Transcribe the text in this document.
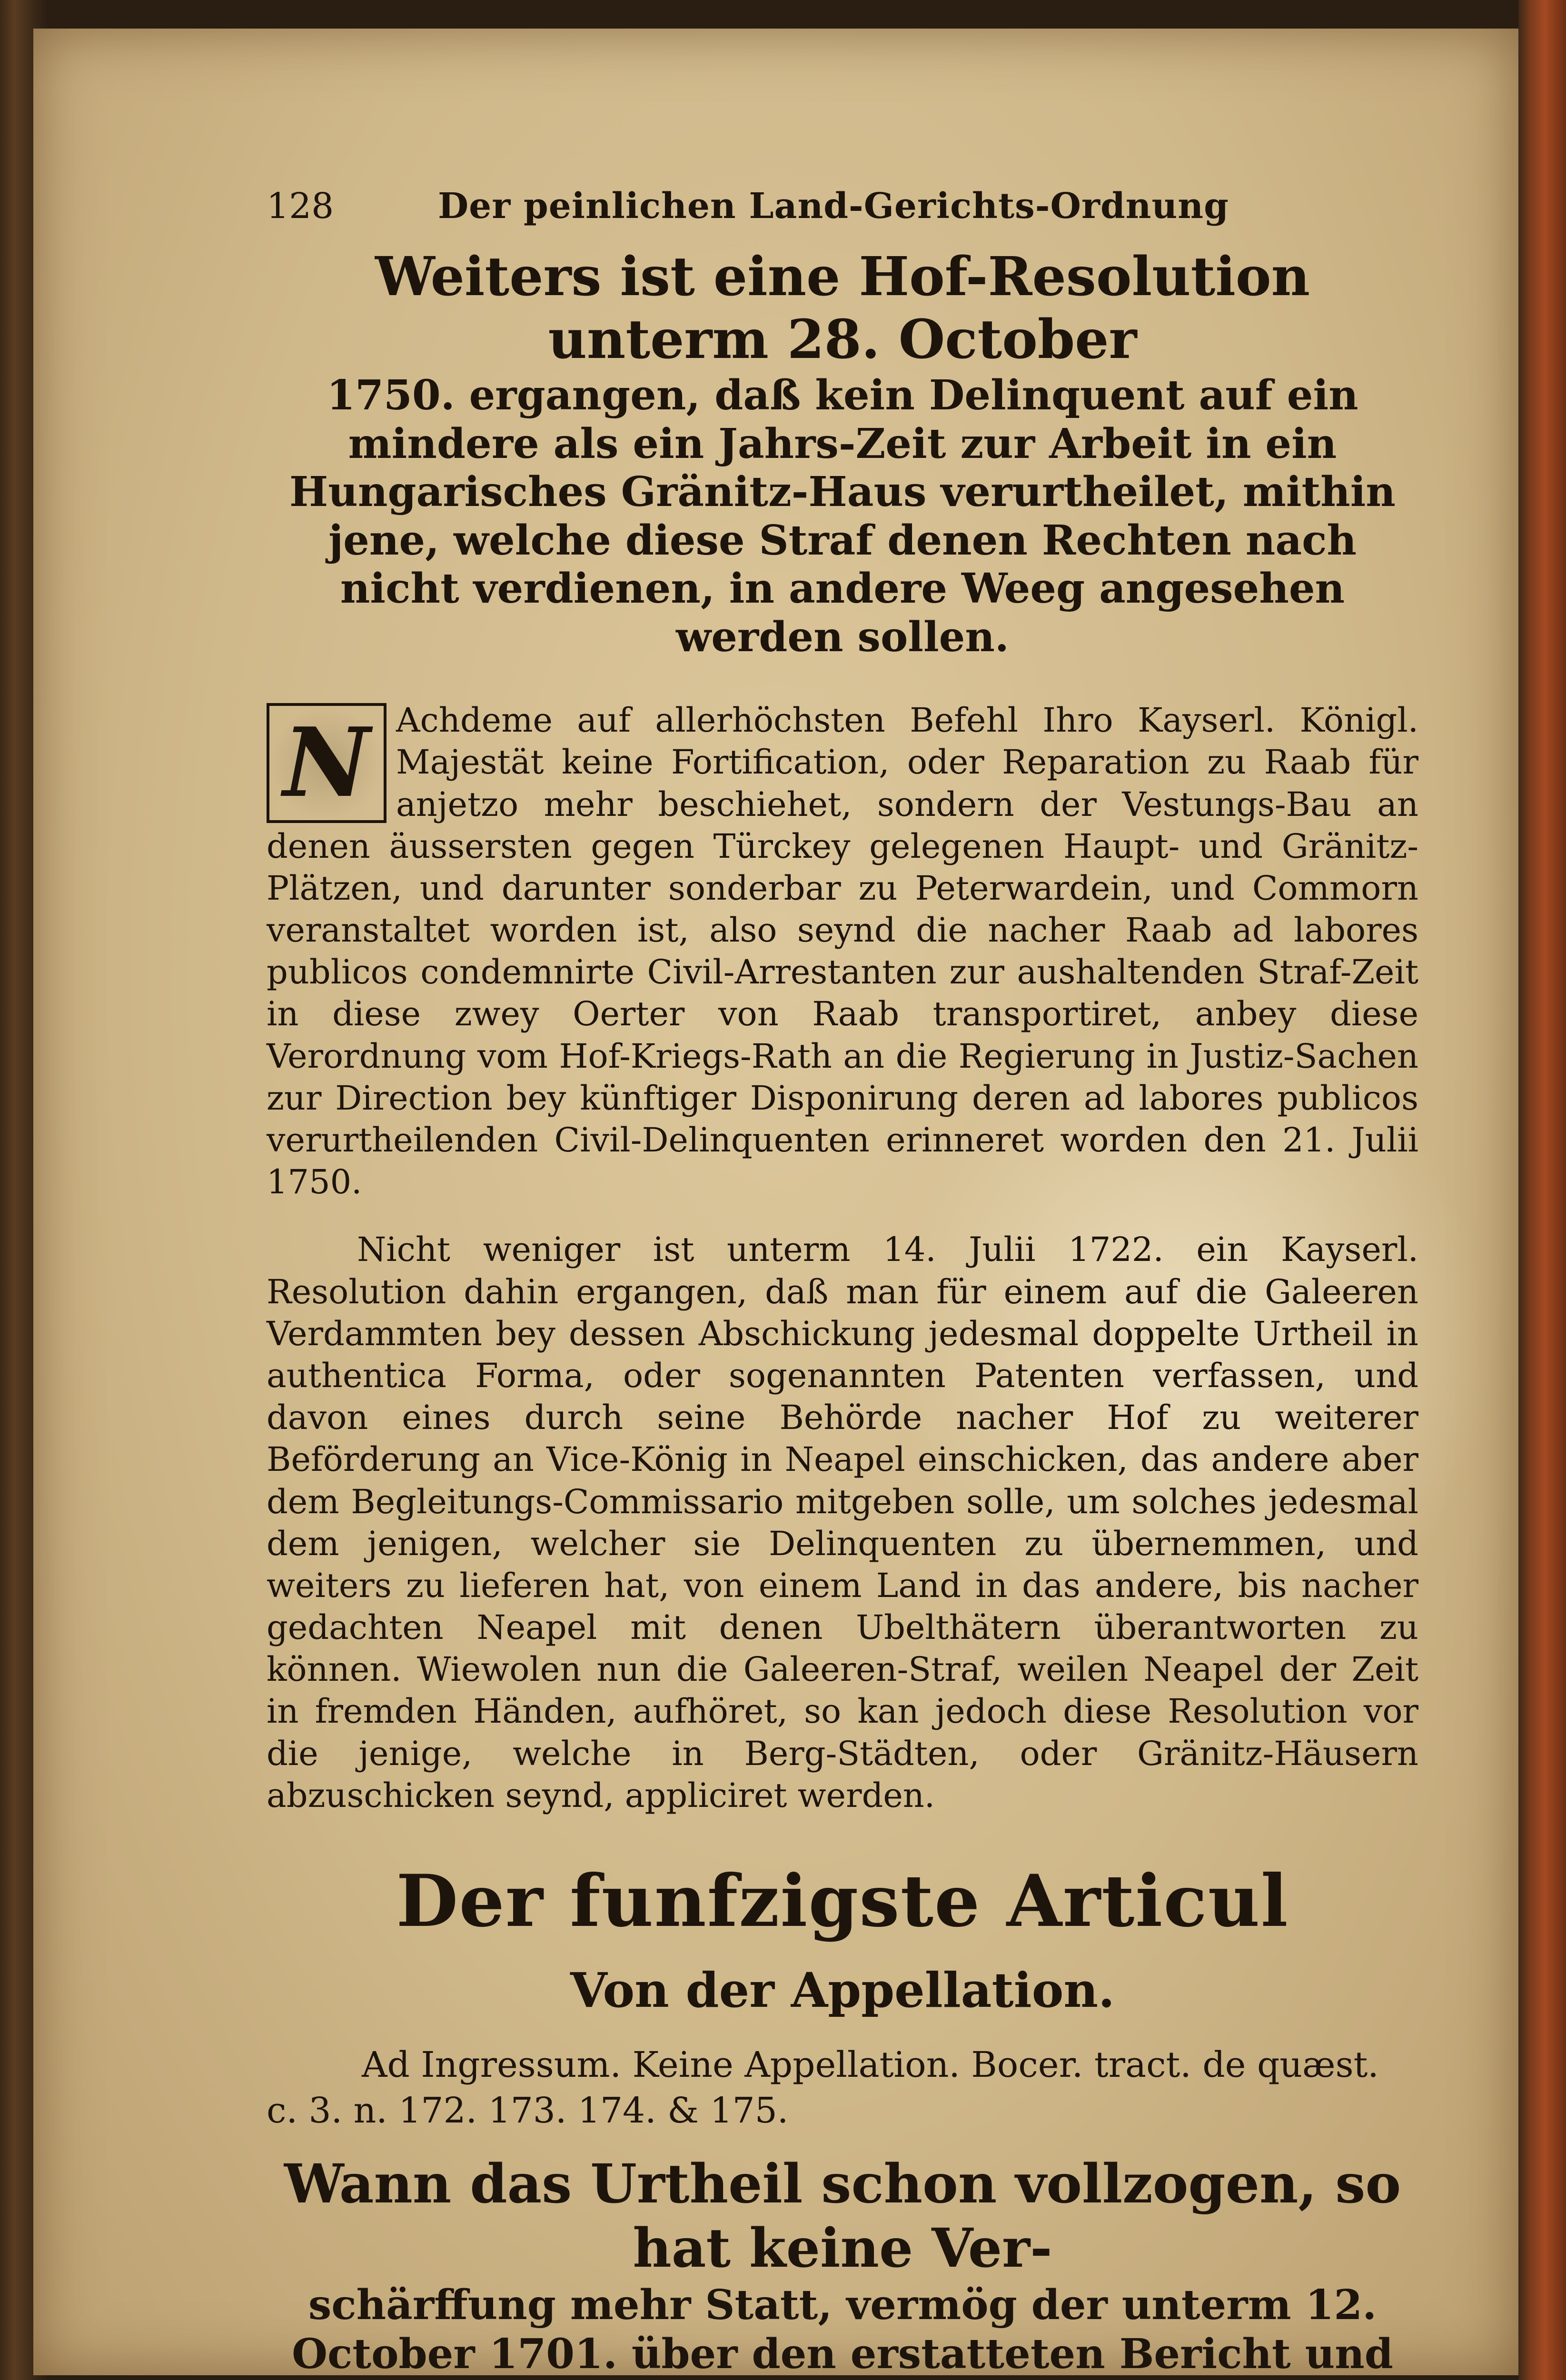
128	Der peinlichen Land-Gerichts-Ordnung
Weiters ist eine Hof-Resolution unterm 28. October
1750. ergangen, daß kein Delinquent auf ein mindere als ein Jahrs-Zeit zur Arbeit in ein Hungarisches Gränitz-Haus verurtheilet, mithin jene, welche diese Straf denen Rechten nach nicht verdienen, in andere Weeg angesehen werden sollen.
N Achdeme auf allerhöchsten Befehl Ihro Kayserl. Königl. Majestät keine Fortification, oder Reparation zu Raab für anjetzo mehr beschiehet, sondern der Vestungs-Bau an denen äussersten gegen Türckey gelegenen Haupt- und Gränitz-Plätzen, und darunter sonderbar zu Peterwardein, und Commorn veranstaltet worden ist, also seynd die nacher Raab ad labores publicos condemnirte Civil-Arrestanten zur aushaltenden Straf-Zeit in diese zwey Oerter von Raab transportiret, anbey diese Verordnung vom Hof-Kriegs-Rath an die Regierung in Justiz-Sachen zur Direction bey künftiger Disponirung deren ad labores publicos verurtheilenden Civil-Delinquenten erinneret worden den 21. Julii 1750.
Nicht weniger ist unterm 14. Julii 1722. ein Kayserl. Resolution dahin ergangen, daß man für einem auf die Galeeren Verdammten bey dessen Abschickung jedesmal doppelte Urtheil in authentica Forma, oder sogenannten Patenten verfassen, und davon eines durch seine Behörde nacher Hof zu weiterer Beförderung an Vice-König in Neapel einschicken, das andere aber dem Begleitungs-Commissario mitgeben solle, um solches jedesmal dem jenigen, welcher sie Delinquenten zu übernemmen, und weiters zu lieferen hat, von einem Land in das andere, bis nacher gedachten Neapel mit denen Ubelthätern überantworten zu können. Wiewolen nun die Galeeren-Straf, weilen Neapel der Zeit in fremden Händen, aufhöret, so kan jedoch diese Resolution vor die jenige, welche in Berg-Städten, oder Gränitz-Häusern abzuschicken seynd, appliciret werden.
Der funfzigste Articul
Von der Appellation.
Ad Ingressum. Keine Appellation. Bocer. tract. de quæst. c. 3. n. 172. 173. 174. & 175.
Wann das Urtheil schon vollzogen, so hat keine Ver-
schärffung mehr Statt, vermög der unterm 12. October 1701. über den erstatteten Bericht und
